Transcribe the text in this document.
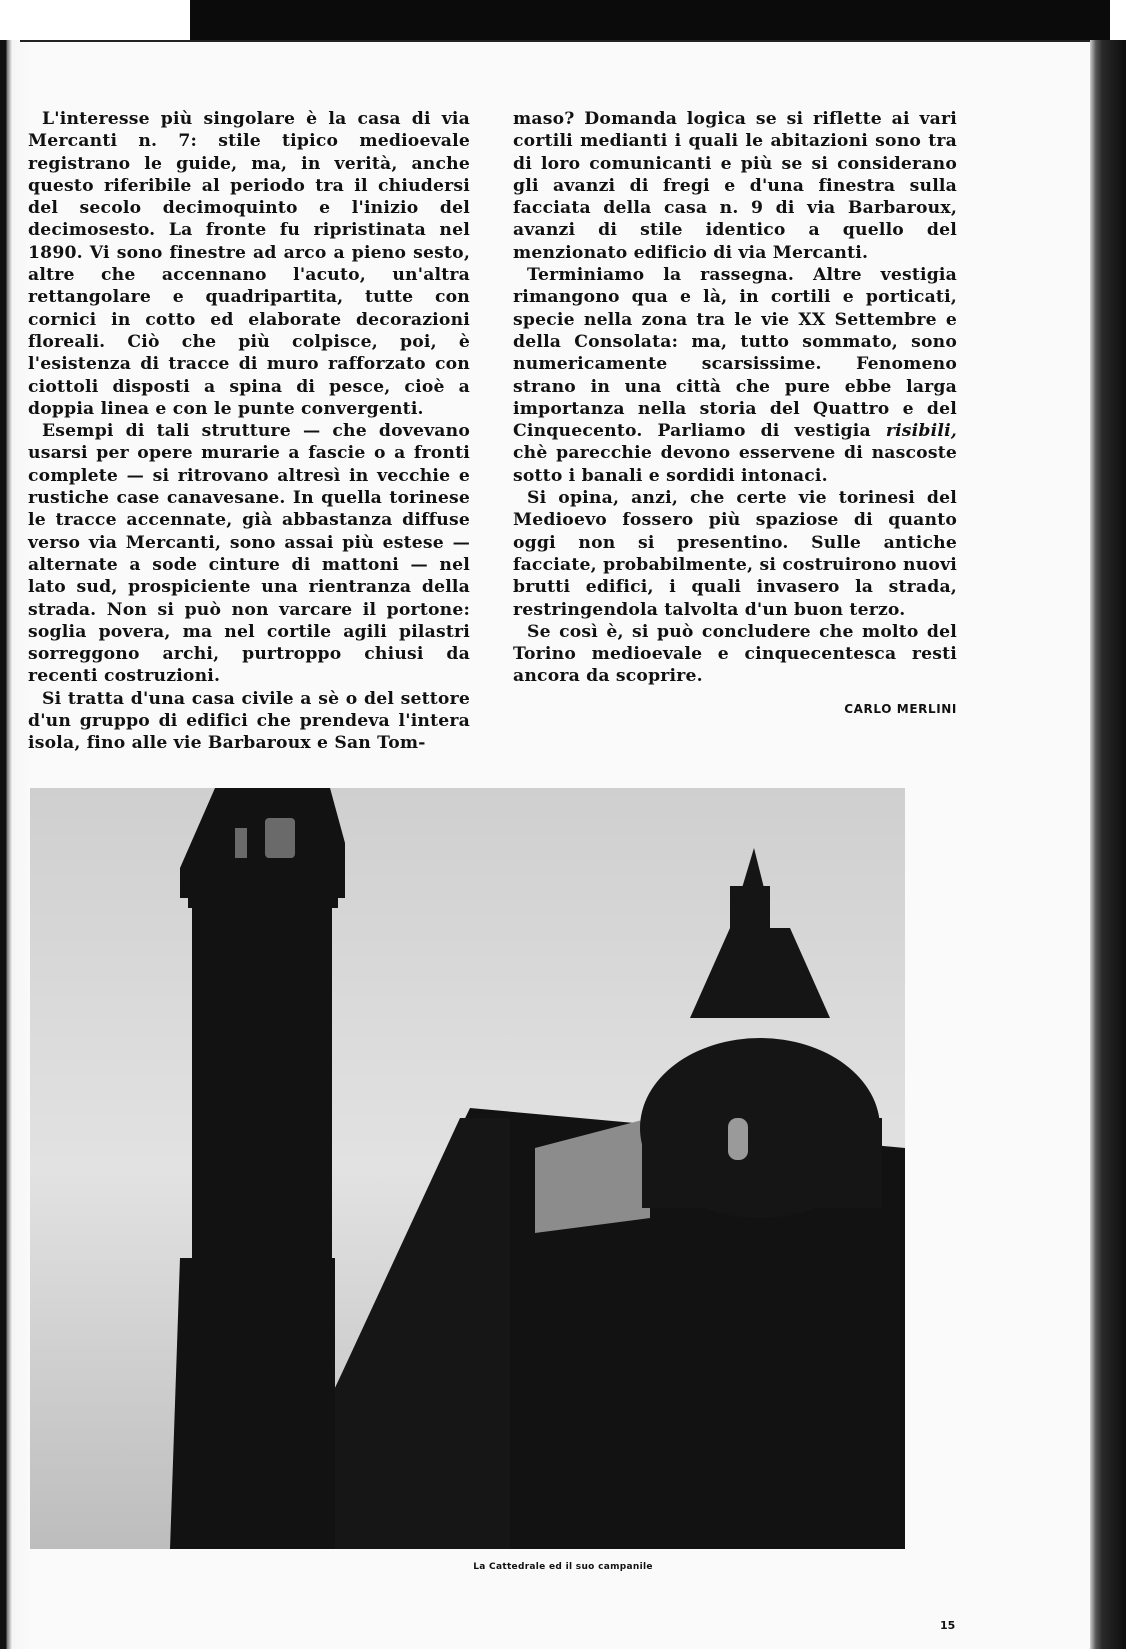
L'interesse più singolare è la casa di via Mercanti n. 7: stile tipico medioevale registrano le guide, ma, in verità, anche questo riferibile al periodo tra il chiudersi del secolo decimoquinto e l'inizio del decimosesto. La fronte fu ripristinata nel 1890. Vi sono finestre ad arco a pieno sesto, altre che accennano l'acuto, un'altra rettangolare e quadripartita, tutte con cornici in cotto ed elaborate decorazioni floreali. Ciò che più colpisce, poi, è l'esistenza di tracce di muro rafforzato con ciottoli disposti a spina di pesce, cioè a doppia linea e con le punte convergenti.

Esempi di tali strutture — che dovevano usarsi per opere murarie a fascie o a fronti complete — si ritrovano altresì in vecchie e rustiche case canavesane. In quella torinese le tracce accennate, già abbastanza diffuse verso via Mercanti, sono assai più estese — alternate a sode cinture di mattoni — nel lato sud, prospiciente una rientranza della strada. Non si può non varcare il portone: soglia povera, ma nel cortile agili pilastri sorreggono archi, purtroppo chiusi da recenti costruzioni.

Si tratta d'una casa civile a sè o del settore d'un gruppo di edifici che prendeva l'intera isola, fino alle vie Barbaroux e San Tom-

maso? Domanda logica se si riflette ai vari cortili medianti i quali le abitazioni sono tra di loro comunicanti e più se si considerano gli avanzi di fregi e d'una finestra sulla facciata della casa n. 9 di via Barbaroux, avanzi di stile identico a quello del menzionato edificio di via Mercanti.

Terminiamo la rassegna. Altre vestigia rimangono qua e là, in cortili e porticati, specie nella zona tra le vie XX Settembre e della Consolata: ma, tutto sommato, sono numericamente scarsissime. Fenomeno strano in una città che pure ebbe larga importanza nella storia del Quattro e del Cinquecento. Parliamo di vestigia risibili, chè parecchie devono esservene di nascoste sotto i banali e sordidi intonaci.

Si opina, anzi, che certe vie torinesi del Medioevo fossero più spaziose di quanto oggi non si presentino. Sulle antiche facciate, probabilmente, si costruirono nuovi brutti edifici, i quali invasero la strada, restringendola talvolta d'un buon terzo.

Se così è, si può concludere che molto del Torino medioevale e cinquecentesca resti ancora da scoprire.

CARLO MERLINI
La Cattedrale ed il suo campanile
15
